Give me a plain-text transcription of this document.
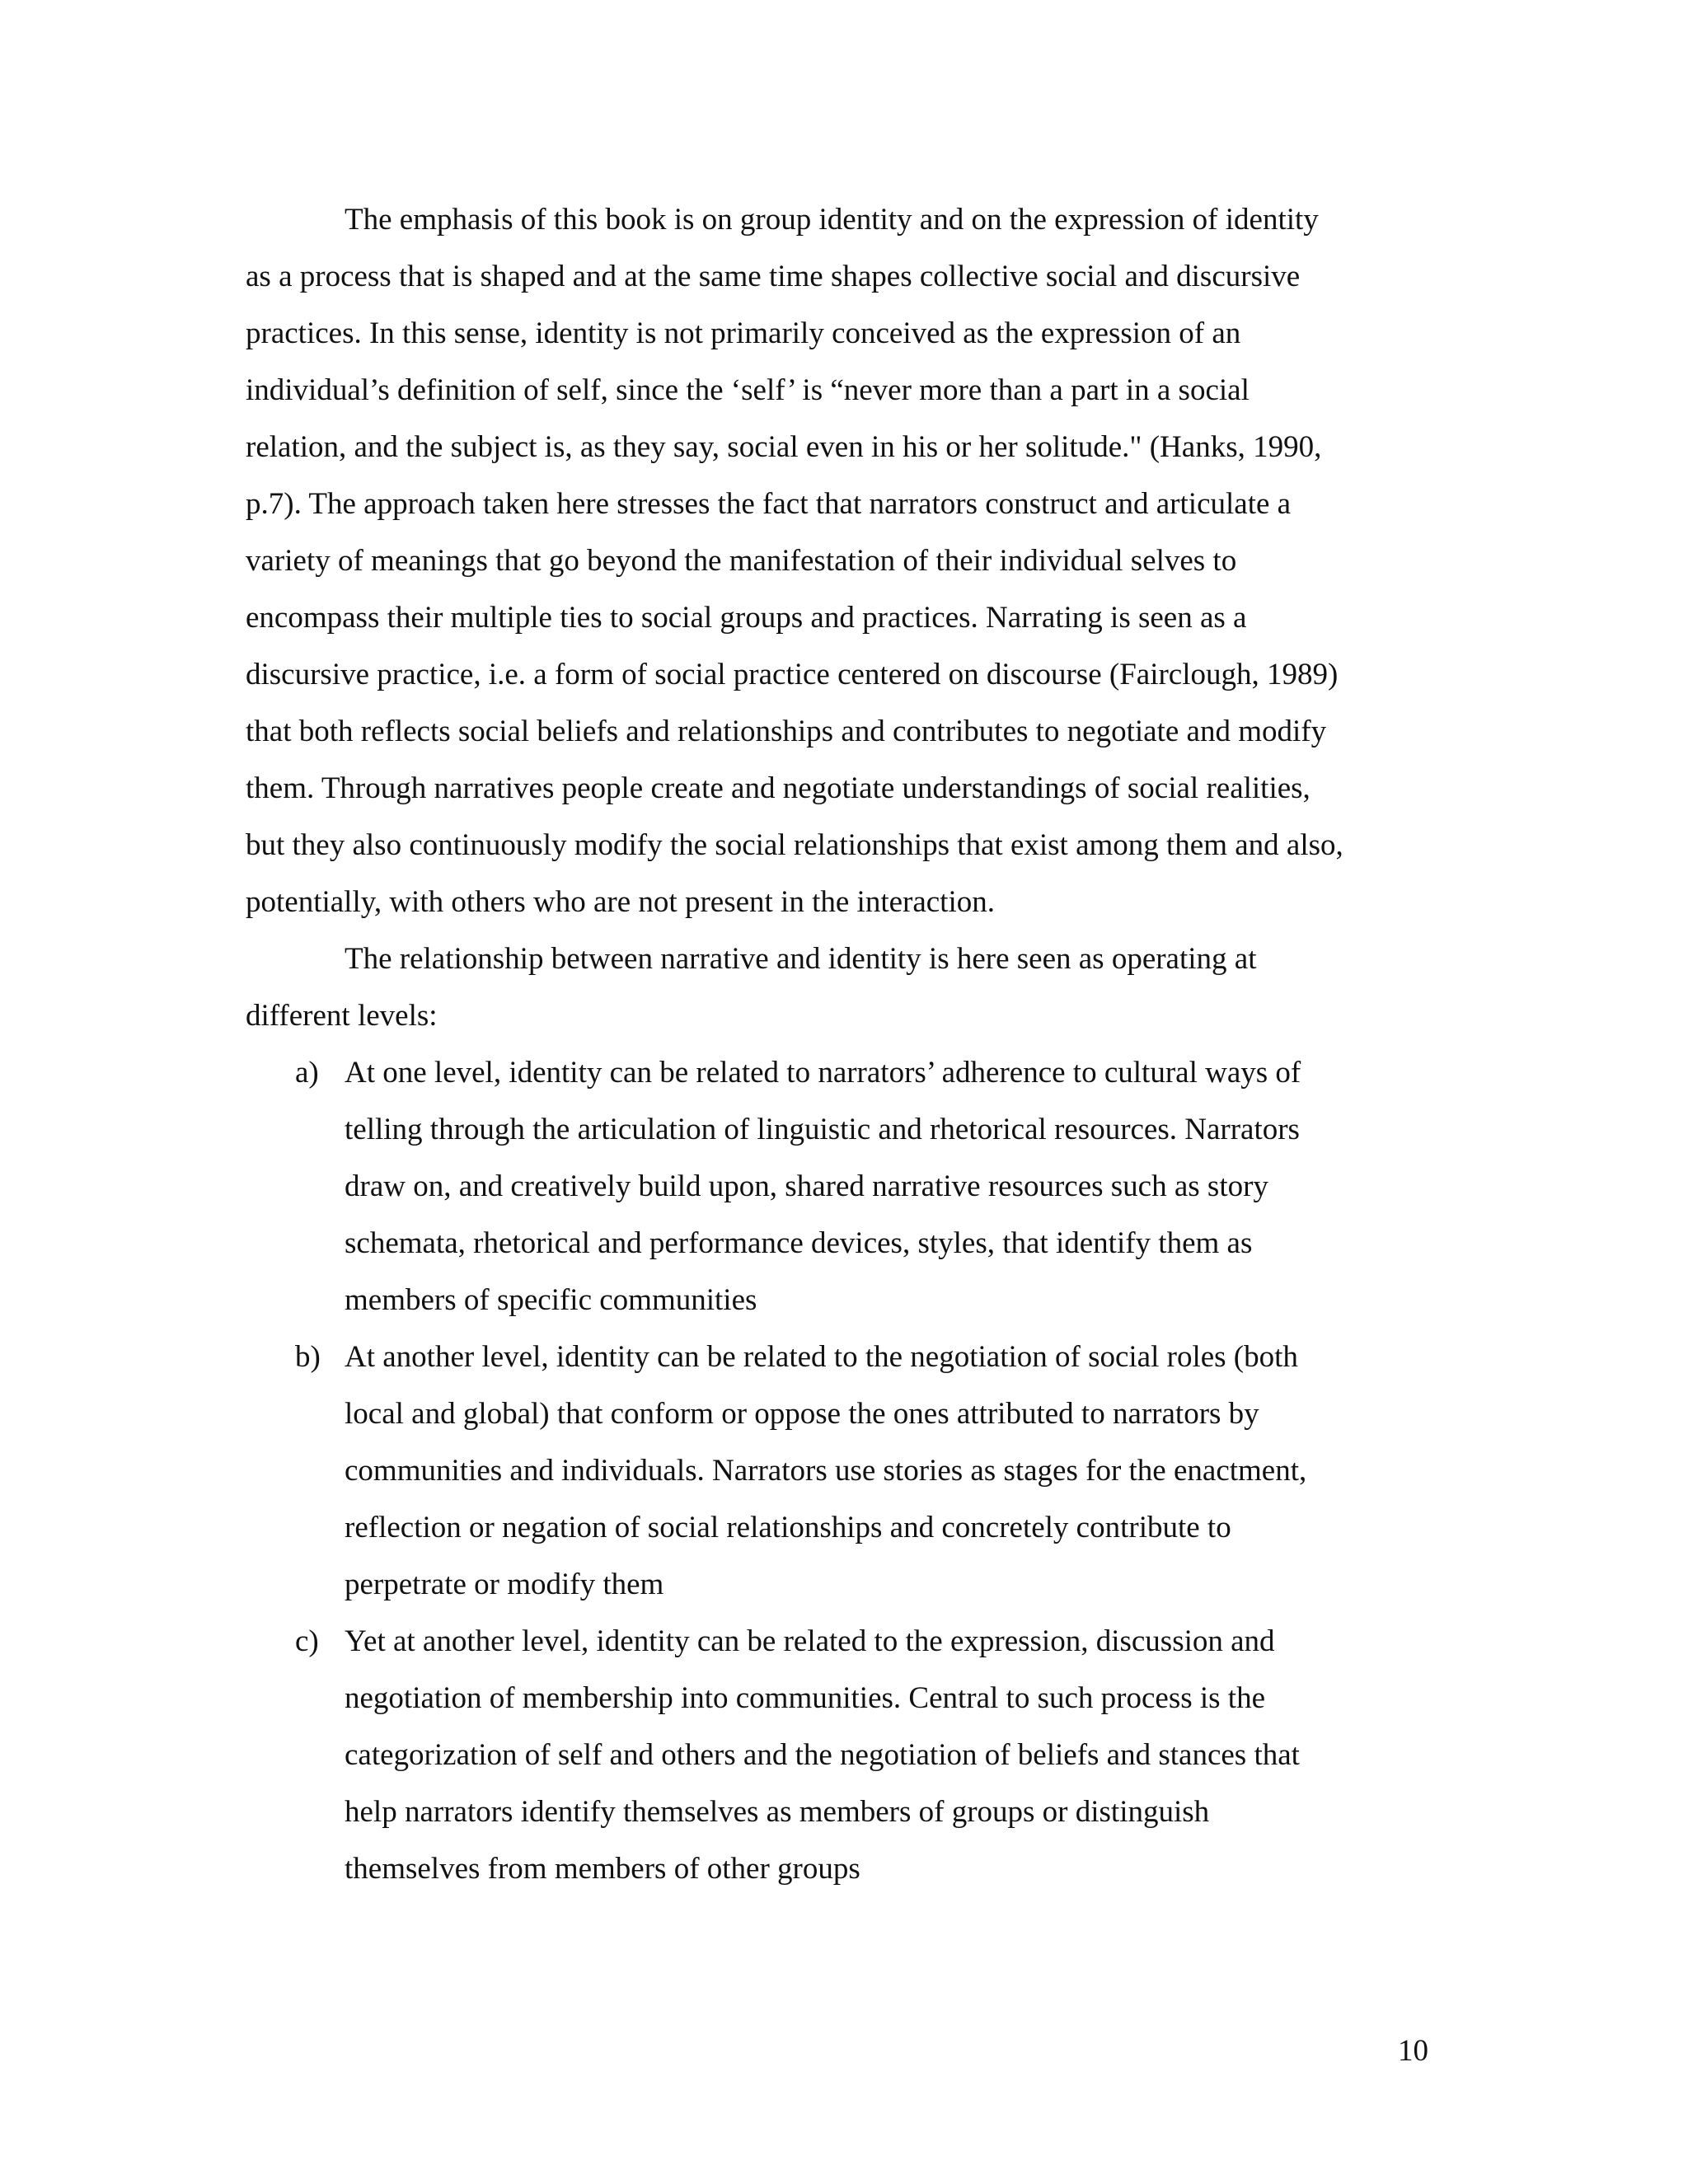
The emphasis of this book is on group identity and on the expression of identity
as a process that is shaped and at the same time shapes collective social and discursive
practices. In this sense, identity is not primarily conceived as the expression of an
individual’s definition of self, since the ‘self’ is “never more than a part in a social
relation, and the subject is, as they say, social even in his or her solitude." (Hanks, 1990,
p.7). The approach taken here stresses the fact that narrators construct and articulate a
variety of meanings that go beyond the manifestation of their individual selves to
encompass their multiple ties to social groups and practices. Narrating is seen as a
discursive practice, i.e. a form of social practice centered on discourse (Fairclough, 1989)
that both reflects social beliefs and relationships and contributes to negotiate and modify
them. Through narratives people create and negotiate understandings of social realities,
but they also continuously modify the social relationships that exist among them and also,
potentially, with others who are not present in the interaction.
The relationship between narrative and identity is here seen as operating at
different levels:
a) At one level, identity can be related to narrators’ adherence to cultural ways of
telling through the articulation of linguistic and rhetorical resources. Narrators
draw on, and creatively build upon, shared narrative resources such as story
schemata, rhetorical and performance devices, styles, that identify them as
members of specific communities
b) At another level, identity can be related to the negotiation of social roles (both
local and global) that conform or oppose the ones attributed to narrators by
communities and individuals. Narrators use stories as stages for the enactment,
reflection or negation of social relationships and concretely contribute to
perpetrate or modify them
c) Yet at another level, identity can be related to the expression, discussion and
negotiation of membership into communities. Central to such process is the
categorization of self and others and the negotiation of beliefs and stances that
help narrators identify themselves as members of groups or distinguish
themselves from members of other groups
10
